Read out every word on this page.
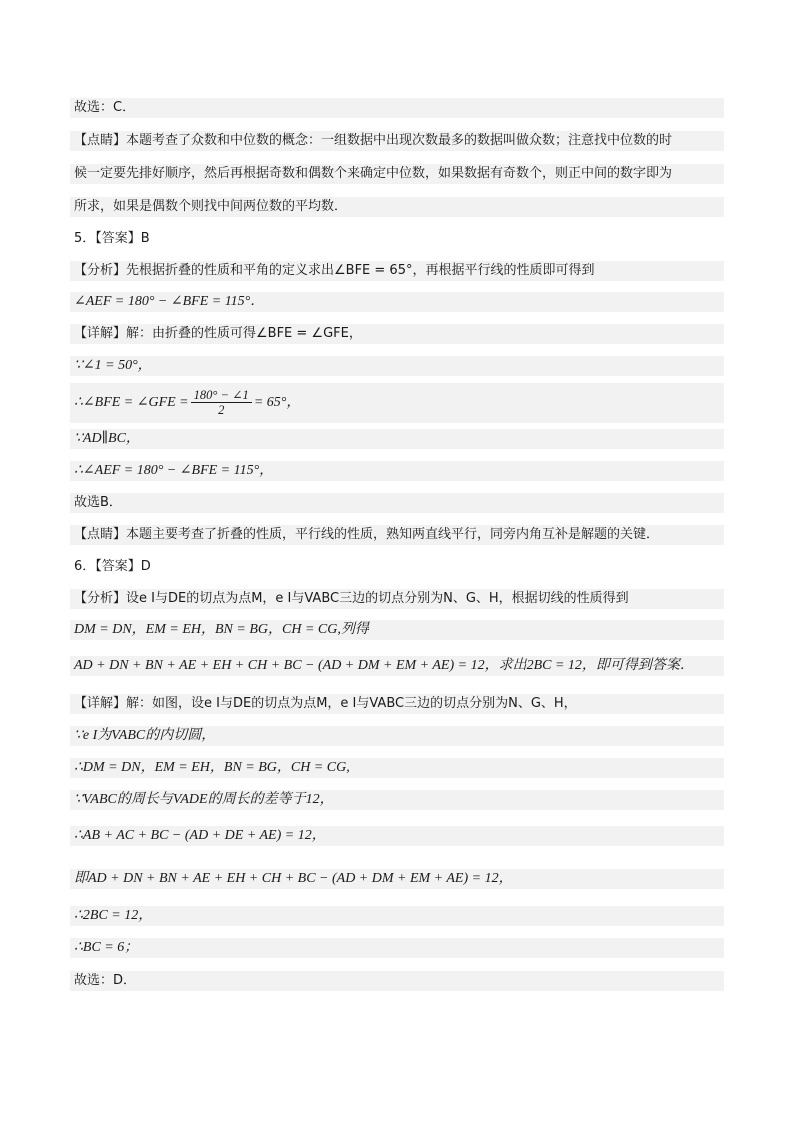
故选：C．
【点睛】本题考查了众数和中位数的概念：一组数据中出现次数最多的数据叫做众数；注意找中位数的时
候一定要先排好顺序，然后再根据奇数和偶数个来确定中位数，如果数据有奇数个，则正中间的数字即为
所求，如果是偶数个则找中间两位数的平均数．
5．【答案】B
【分析】先根据折叠的性质和平角的定义求出∠BFE = 65°，再根据平行线的性质即可得到
∠AEF = 180° − ∠BFE = 115°．
【详解】解：由折叠的性质可得∠BFE = ∠GFE，
∵∠1 = 50°，
∴∠BFE = ∠GFE = $\frac{180^\circ - \angle 1}{2} = 65^\circ$，
∵AD∥BC，
∴∠AEF = 180° − ∠BFE = 115°，
故选B．
【点睛】本题主要考查了折叠的性质，平行线的性质，熟知两直线平行，同旁内角互补是解题的关键．
6．【答案】D
【分析】设e I与DE的切点为点M，e I与VABC三边的切点分别为N、G、H，根据切线的性质得到
DM = DN，EM = EH，BN = BG，CH = CG,列得
AD + DN + BN + AE + EH + CH + BC − (AD + DM + EM + AE) = 12，求出2BC = 12，即可得到答案．
【详解】解：如图，设e I与DE的切点为点M，e I与VABC三边的切点分别为N、G、H，
∵e I为VABC的内切圆，
∴DM = DN，EM = EH，BN = BG，CH = CG,
∵VABC的周长与VADE的周长的差等于12，
∴AB + AC + BC − (AD + DE + AE) = 12，
即AD + DN + BN + AE + EH + CH + BC − (AD + DM + EM + AE) = 12，
∴2BC = 12，
∴BC = 6；
故选：D．
